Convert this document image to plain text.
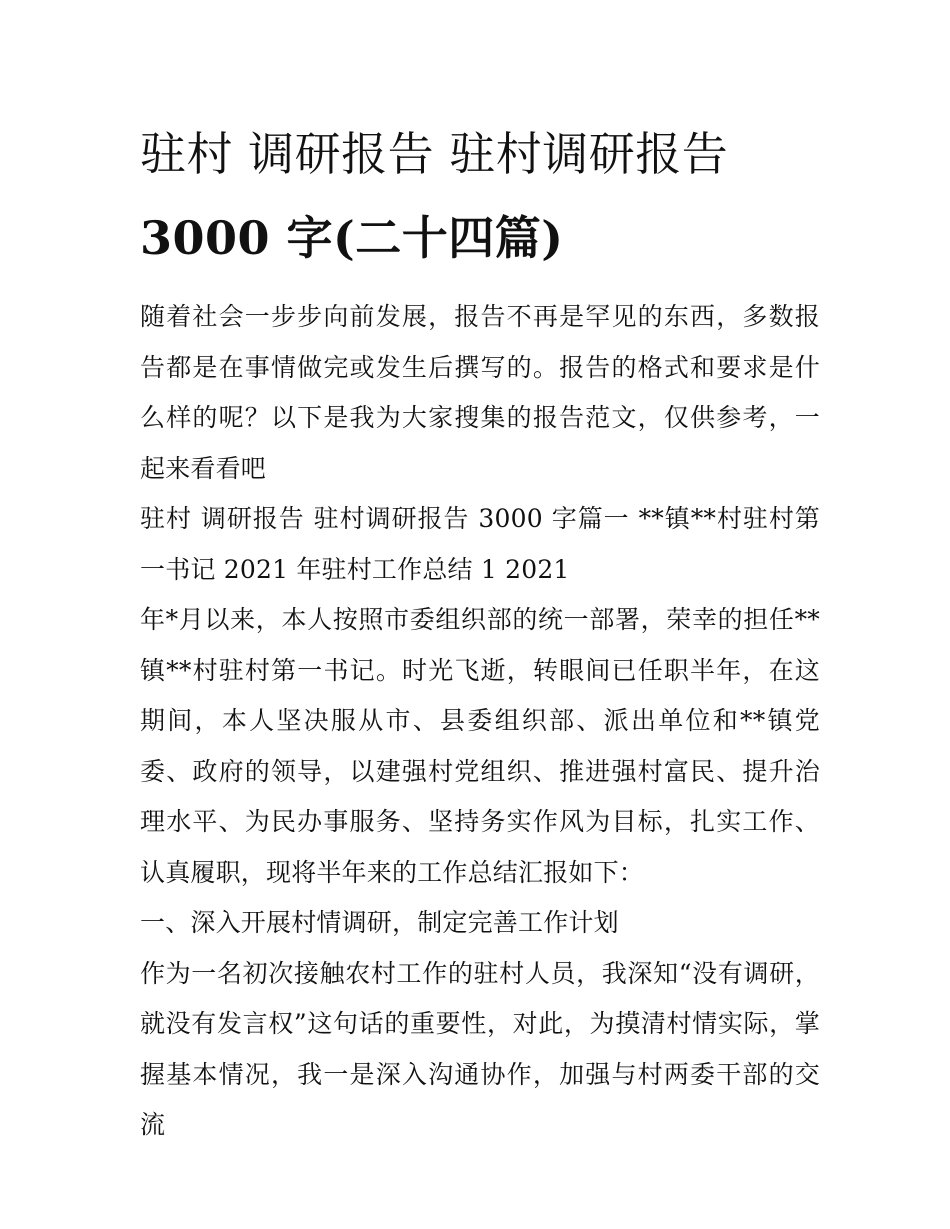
驻村 调研报告 驻村调研报告
3000 字(二十四篇)

随着社会一步步向前发展，报告不再是罕见的东西，多数报告都是在事情做完或发生后撰写的。报告的格式和要求是什么样的呢？以下是我为大家搜集的报告范文，仅供参考，一起来看看吧

驻村 调研报告 驻村调研报告 3000 字篇一 **镇**村驻村第一书记 2021 年驻村工作总结 1 2021

年*月以来，本人按照市委组织部的统一部署，荣幸的担任**镇**村驻村第一书记。时光飞逝，转眼间已任职半年，在这期间，本人坚决服从市、县委组织部、派出单位和**镇党委、政府的领导，以建强村党组织、推进强村富民、提升治理水平、为民办事服务、坚持务实作风为目标，扎实工作、认真履职，现将半年来的工作总结汇报如下：

一、深入开展村情调研，制定完善工作计划

作为一名初次接触农村工作的驻村人员，我深知“没有调研，就没有发言权”这句话的重要性，对此，为摸清村情实际，掌握基本情况，我一是深入沟通协作，加强与村两委干部的交流
